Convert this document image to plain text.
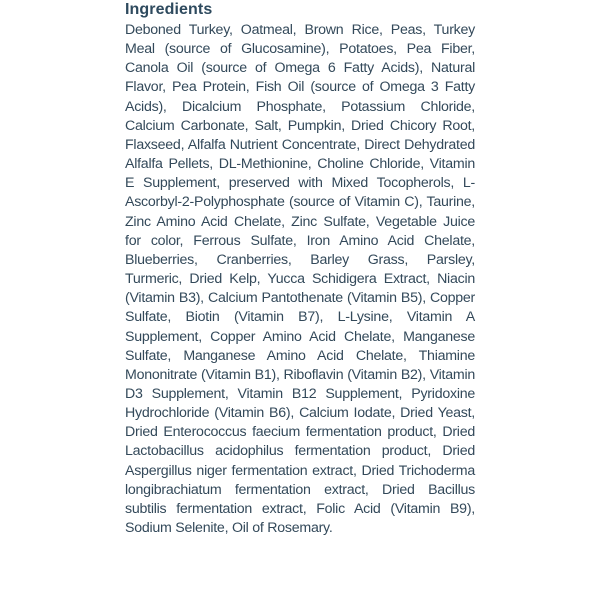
Ingredients

Deboned Turkey, Oatmeal, Brown Rice, Peas, Turkey Meal (source of Glucosamine), Potatoes, Pea Fiber, Canola Oil (source of Omega 6 Fatty Acids), Natural Flavor, Pea Protein, Fish Oil (source of Omega 3 Fatty Acids), Dicalcium Phosphate, Potassium Chloride, Calcium Carbonate, Salt, Pumpkin, Dried Chicory Root, Flaxseed, Alfalfa Nutrient Concentrate, Direct Dehydrated Alfalfa Pellets, DL-Methionine, Choline Chloride, Vitamin E Supplement, preserved with Mixed Tocopherols, L-Ascorbyl-2-Polyphosphate (source of Vitamin C), Taurine, Zinc Amino Acid Chelate, Zinc Sulfate, Vegetable Juice for color, Ferrous Sulfate, Iron Amino Acid Chelate, Blueberries, Cranberries, Barley Grass, Parsley, Turmeric, Dried Kelp, Yucca Schidigera Extract, Niacin (Vitamin B3), Calcium Pantothenate (Vitamin B5), Copper Sulfate, Biotin (Vitamin B7), L-Lysine, Vitamin A Supplement, Copper Amino Acid Chelate, Manganese Sulfate, Manganese Amino Acid Chelate, Thiamine Mononitrate (Vitamin B1), Riboflavin (Vitamin B2), Vitamin D3 Supplement, Vitamin B12 Supplement, Pyridoxine Hydrochloride (Vitamin B6), Calcium Iodate, Dried Yeast, Dried Enterococcus faecium fermentation product, Dried Lactobacillus acidophilus fermentation product, Dried Aspergillus niger fermentation extract, Dried Trichoderma longibrachiatum fermentation extract, Dried Bacillus subtilis fermentation extract, Folic Acid (Vitamin B9), Sodium Selenite, Oil of Rosemary.
